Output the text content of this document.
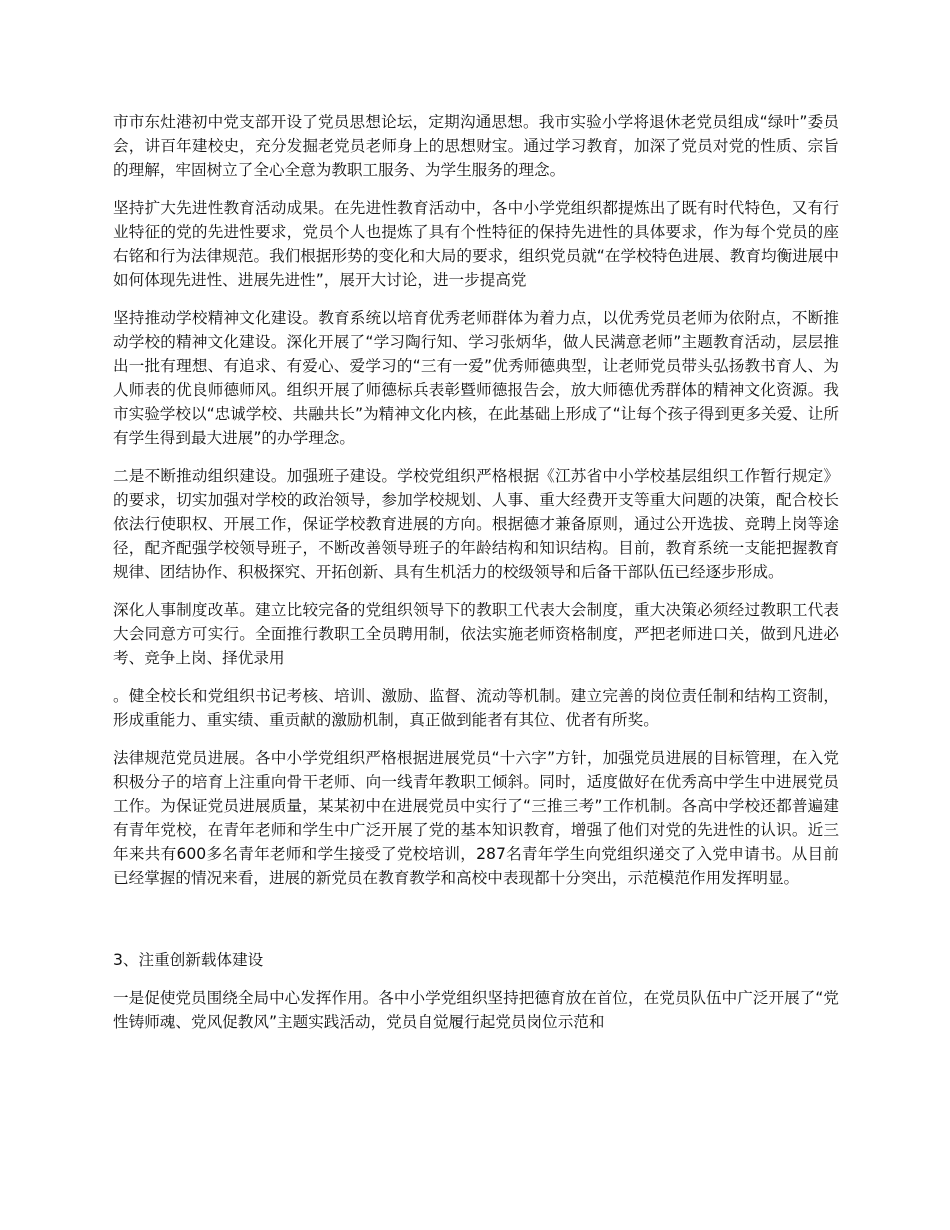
市市东灶港初中党支部开设了党员思想论坛，定期沟通思想。我市实验小学将退休老党员组成“绿叶”委员会，讲百年建校史，充分发掘老党员老师身上的思想财宝。通过学习教育，加深了党员对党的性质、宗旨的理解，牢固树立了全心全意为教职工服务、为学生服务的理念。

坚持扩大先进性教育活动成果。在先进性教育活动中，各中小学党组织都提炼出了既有时代特色，又有行业特征的党的先进性要求，党员个人也提炼了具有个性特征的保持先进性的具体要求，作为每个党员的座右铭和行为法律规范。我们根据形势的变化和大局的要求，组织党员就“在学校特色进展、教育均衡进展中如何体现先进性、进展先进性”，展开大讨论，进一步提高党

坚持推动学校精神文化建设。教育系统以培育优秀老师群体为着力点，以优秀党员老师为依附点，不断推动学校的精神文化建设。深化开展了“学习陶行知、学习张炳华，做人民满意老师”主题教育活动，层层推出一批有理想、有追求、有爱心、爱学习的“三有一爱”优秀师德典型，让老师党员带头弘扬教书育人、为人师表的优良师德师风。组织开展了师德标兵表彰暨师德报告会，放大师德优秀群体的精神文化资源。我市实验学校以“忠诚学校、共融共长”为精神文化内核，在此基础上形成了“让每个孩子得到更多关爱、让所有学生得到最大进展”的办学理念。

二是不断推动组织建设。加强班子建设。学校党组织严格根据《江苏省中小学校基层组织工作暂行规定》的要求，切实加强对学校的政治领导，参加学校规划、人事、重大经费开支等重大问题的决策，配合校长依法行使职权、开展工作，保证学校教育进展的方向。根据德才兼备原则，通过公开选拔、竞聘上岗等途径，配齐配强学校领导班子，不断改善领导班子的年龄结构和知识结构。目前，教育系统一支能把握教育规律、团结协作、积极探究、开拓创新、具有生机活力的校级领导和后备干部队伍已经逐步形成。

深化人事制度改革。建立比较完备的党组织领导下的教职工代表大会制度，重大决策必须经过教职工代表大会同意方可实行。全面推行教职工全员聘用制，依法实施老师资格制度，严把老师进口关，做到凡进必考、竞争上岗、择优录用

。健全校长和党组织书记考核、培训、激励、监督、流动等机制。建立完善的岗位责任制和结构工资制，形成重能力、重实绩、重贡献的激励机制，真正做到能者有其位、优者有所奖。

法律规范党员进展。各中小学党组织严格根据进展党员“十六字”方针，加强党员进展的目标管理，在入党积极分子的培育上注重向骨干老师、向一线青年教职工倾斜。同时，适度做好在优秀高中学生中进展党员工作。为保证党员进展质量，某某初中在进展党员中实行了“三推三考”工作机制。各高中学校还都普遍建有青年党校，在青年老师和学生中广泛开展了党的基本知识教育，增强了他们对党的先进性的认识。近三年来共有600多名青年老师和学生接受了党校培训，287名青年学生向党组织递交了入党申请书。从目前已经掌握的情况来看，进展的新党员在教育教学和高校中表现都十分突出，示范模范作用发挥明显。

3、注重创新载体建设

一是促使党员围绕全局中心发挥作用。各中小学党组织坚持把德育放在首位，在党员队伍中广泛开展了“党性铸师魂、党风促教风”主题实践活动，党员自觉履行起党员岗位示范和
